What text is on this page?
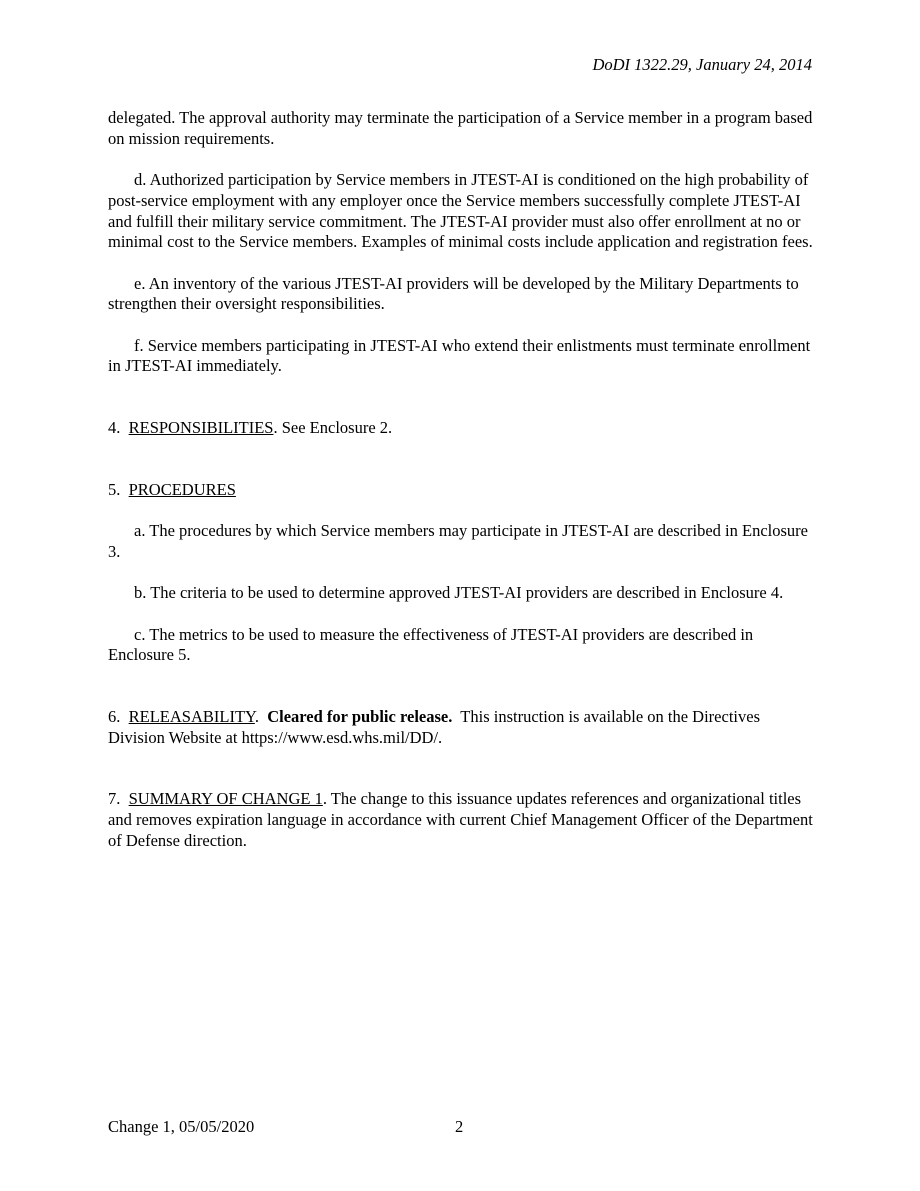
DoDI 1322.29, January 24, 2014

delegated. The approval authority may terminate the participation of a Service member in a program based on mission requirements.

d. Authorized participation by Service members in JTEST-AI is conditioned on the high probability of post-service employment with any employer once the Service members successfully complete JTEST-AI and fulfill their military service commitment. The JTEST-AI provider must also offer enrollment at no or minimal cost to the Service members. Examples of minimal costs include application and registration fees.

e. An inventory of the various JTEST-AI providers will be developed by the Military Departments to strengthen their oversight responsibilities.

f. Service members participating in JTEST-AI who extend their enlistments must terminate enrollment in JTEST-AI immediately.

4. RESPONSIBILITIES. See Enclosure 2.

5. PROCEDURES

a. The procedures by which Service members may participate in JTEST-AI are described in Enclosure 3.

b. The criteria to be used to determine approved JTEST-AI providers are described in Enclosure 4.

c. The metrics to be used to measure the effectiveness of JTEST-AI providers are described in Enclosure 5.

6. RELEASABILITY.  Cleared for public release.  This instruction is available on the Directives Division Website at https://www.esd.whs.mil/DD/.

7. SUMMARY OF CHANGE 1. The change to this issuance updates references and organizational titles and removes expiration language in accordance with current Chief Management Officer of the Department of Defense direction.

Change 1, 05/05/2020	2
